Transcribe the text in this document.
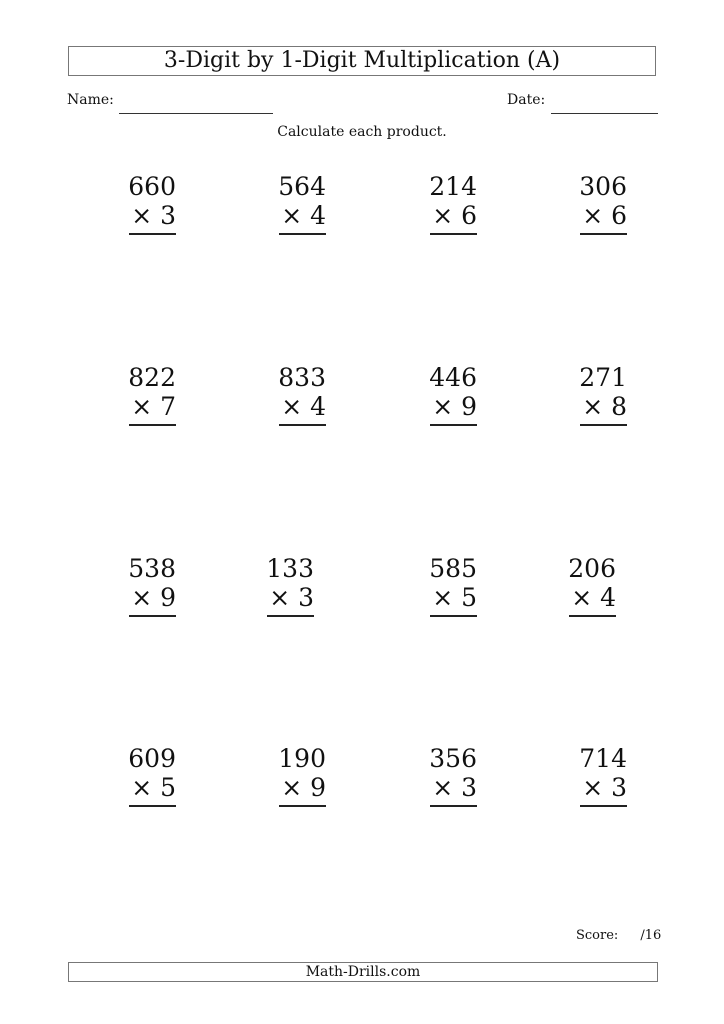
3-Digit by 1-Digit Multiplication (A)
Name:	Date:
Calculate each product.
660
× 3
564
× 4
214
× 6
306
× 6
822
× 7
833
× 4
446
× 9
271
× 8
538
× 9
133
× 3
585
× 5
206
× 4
609
× 5
190
× 9
356
× 3
714
× 3
Score: /16
Math-Drills.com
